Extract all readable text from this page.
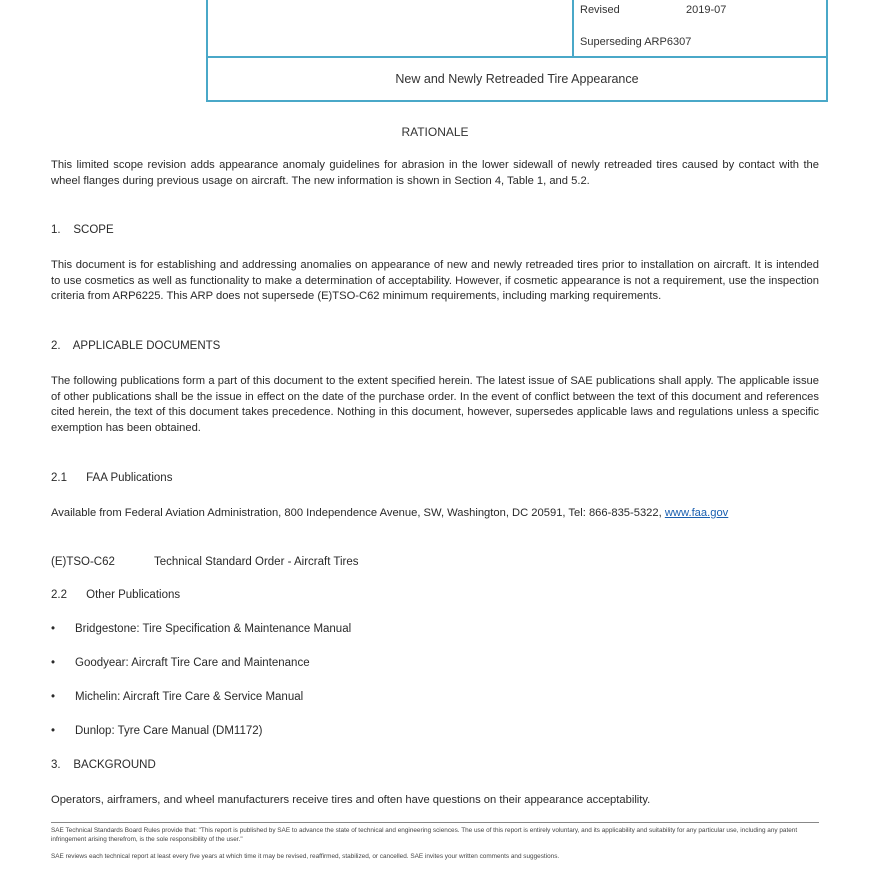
Revised	2019-07
Superseding ARP6307
New and Newly Retreaded Tire Appearance
RATIONALE
This limited scope revision adds appearance anomaly guidelines for abrasion in the lower sidewall of newly retreaded tires caused by contact with the wheel flanges during previous usage on aircraft. The new information is shown in Section 4, Table 1, and 5.2.
1.    SCOPE
This document is for establishing and addressing anomalies on appearance of new and newly retreaded tires prior to installation on aircraft. It is intended to use cosmetics as well as functionality to make a determination of acceptability. However, if cosmetic appearance is not a requirement, use the inspection criteria from ARP6225. This ARP does not supersede (E)TSO-C62 minimum requirements, including marking requirements.
2.    APPLICABLE DOCUMENTS
The following publications form a part of this document to the extent specified herein. The latest issue of SAE publications shall apply. The applicable issue of other publications shall be the issue in effect on the date of the purchase order. In the event of conflict between the text of this document and references cited herein, the text of this document takes precedence. Nothing in this document, however, supersedes applicable laws and regulations unless a specific exemption has been obtained.
2.1      FAA Publications
Available from Federal Aviation Administration, 800 Independence Avenue, SW, Washington, DC 20591, Tel: 866-835-5322, www.faa.gov
(E)TSO-C62	Technical Standard Order - Aircraft Tires
2.2      Other Publications
• Bridgestone: Tire Specification & Maintenance Manual
• Goodyear: Aircraft Tire Care and Maintenance
• Michelin: Aircraft Tire Care & Service Manual
• Dunlop: Tyre Care Manual (DM1172)
3.    BACKGROUND
Operators, airframers, and wheel manufacturers receive tires and often have questions on their appearance acceptability.
SAE Technical Standards Board Rules provide that: "This report is published by SAE to advance the state of technical and engineering sciences. The use of this report is entirely voluntary, and its applicability and suitability for any particular use, including any patent infringement arising therefrom, is the sole responsibility of the user."
SAE reviews each technical report at least every five years at which time it may be revised, reaffirmed, stabilized, or cancelled. SAE invites your written comments and suggestions.
